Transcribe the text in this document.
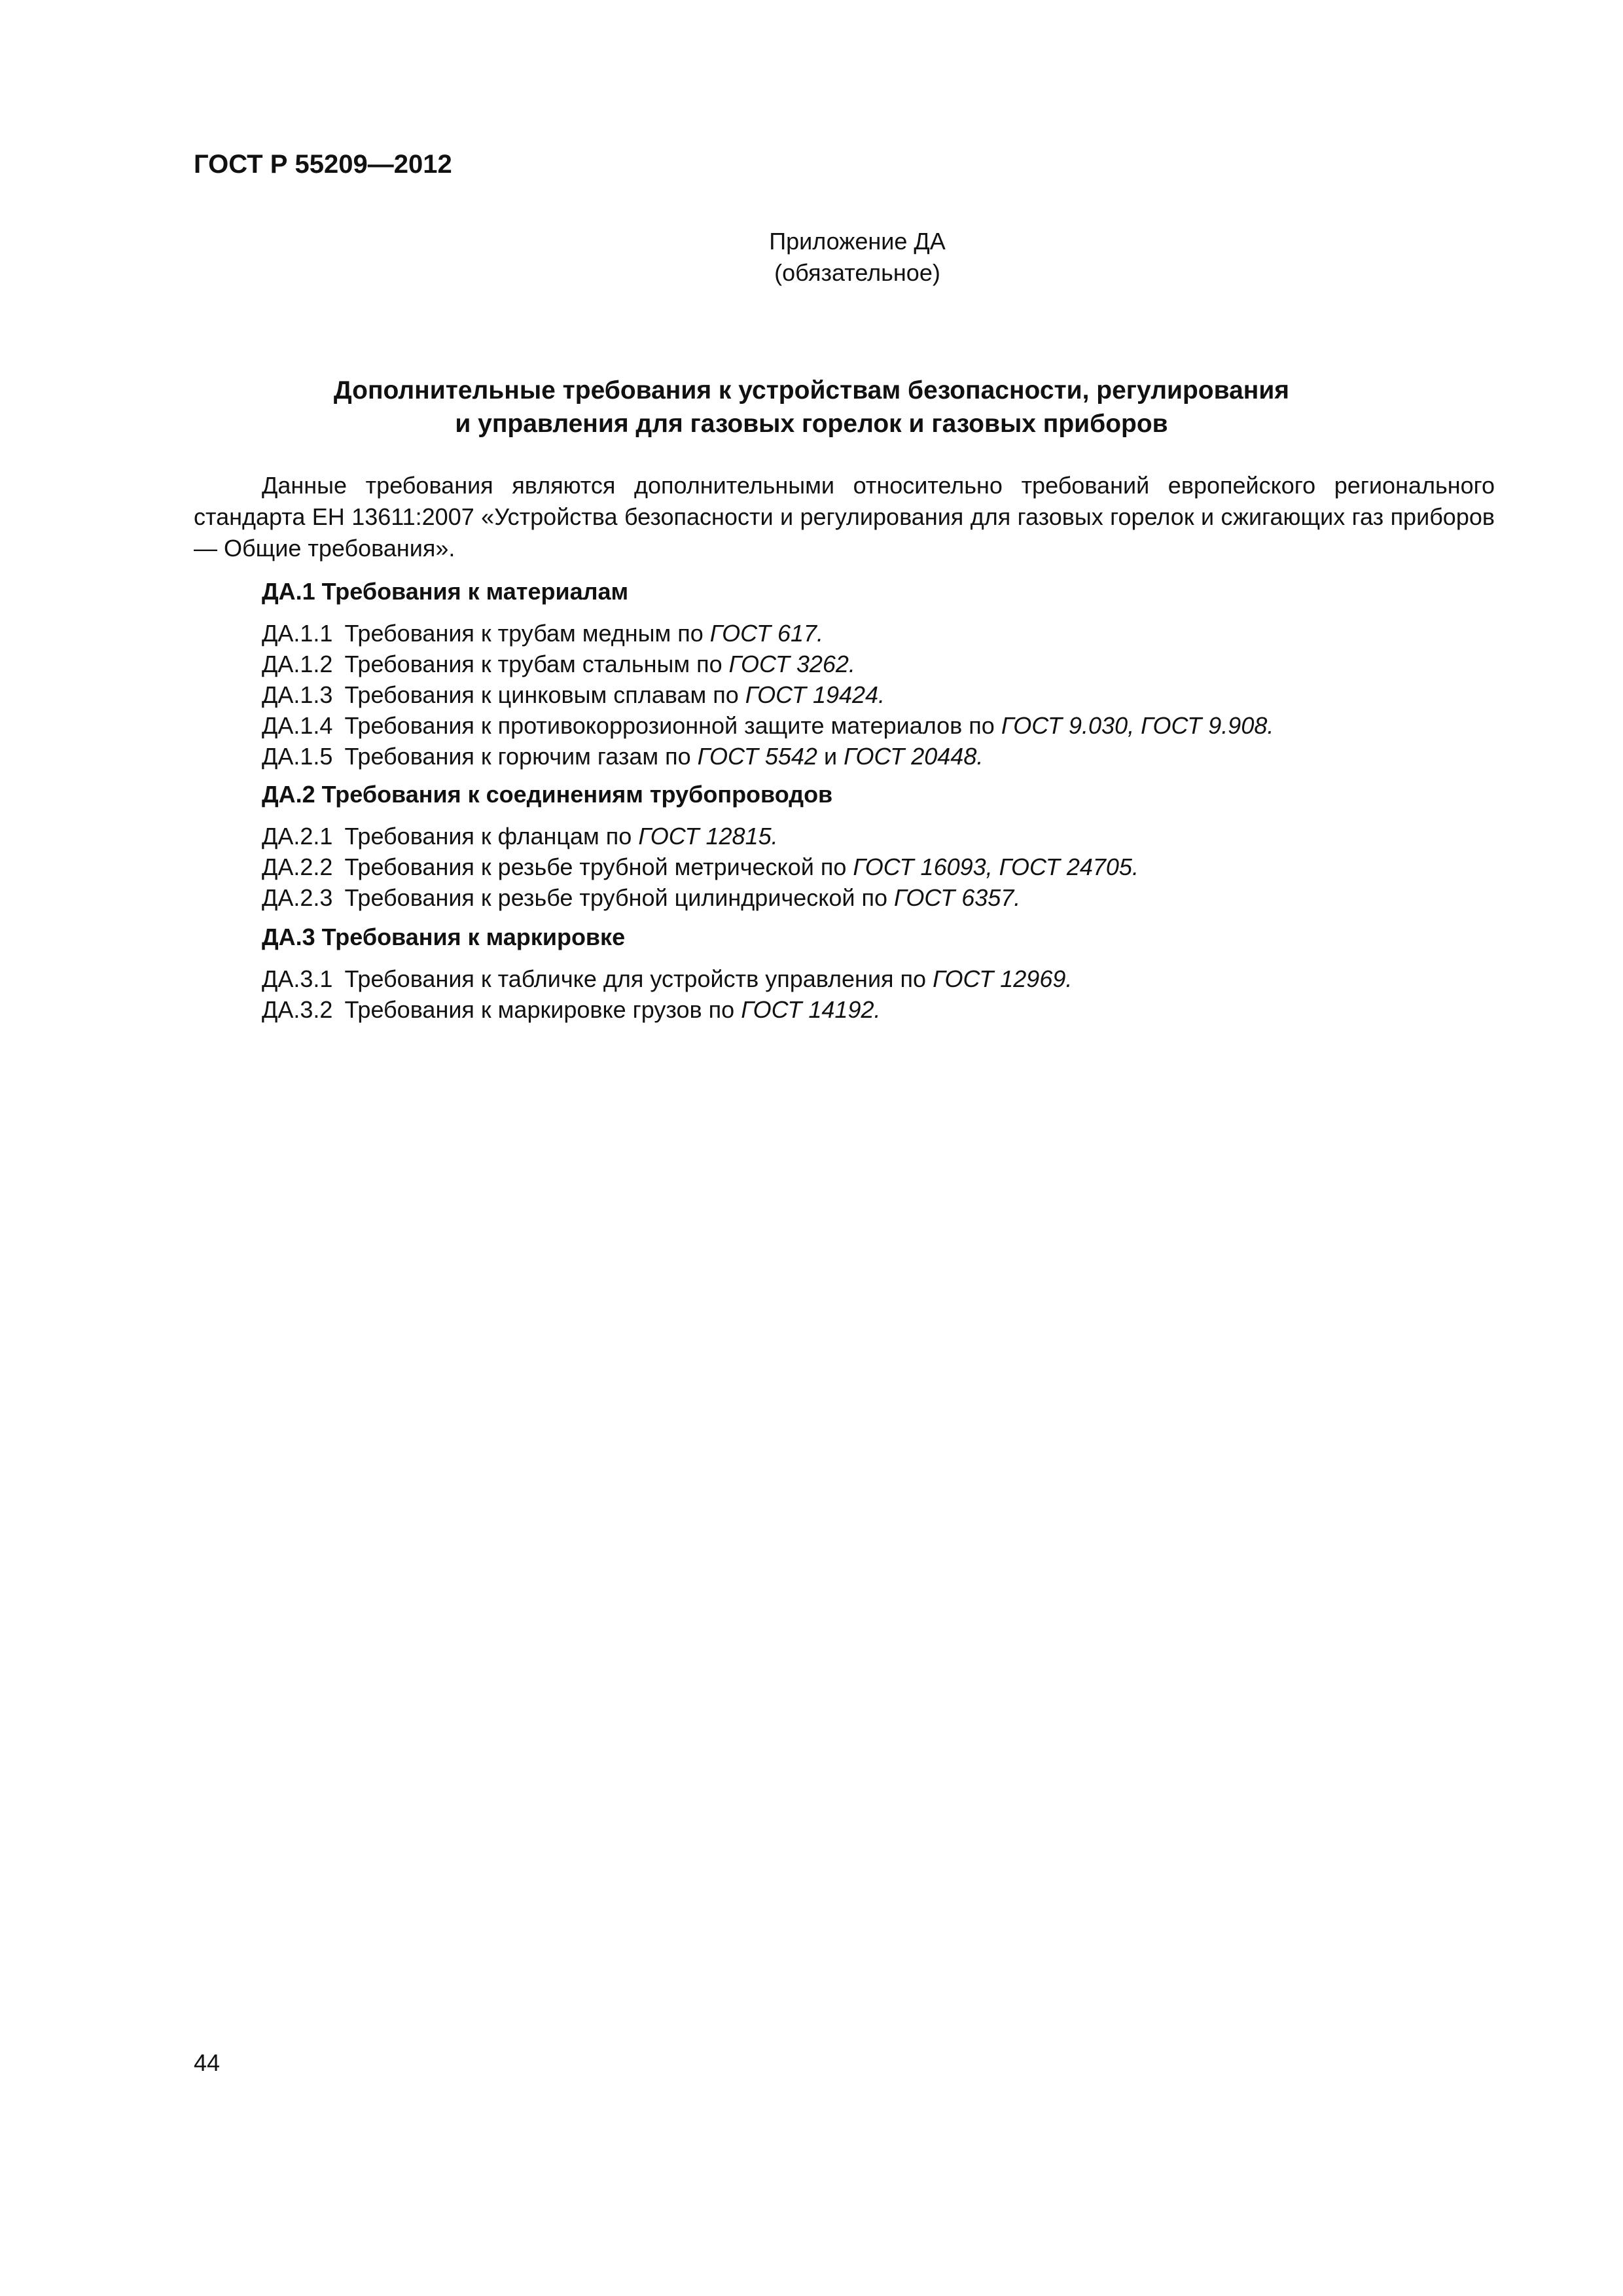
ГОСТ Р 55209—2012
Приложение ДА
(обязательное)
Дополнительные требования к устройствам безопасности, регулирования
и управления для газовых горелок и газовых приборов

Данные требования являются дополнительными относительно требований европейского регионального стандарта ЕН 13611:2007 «Устройства безопасности и регулирования для газовых горелок и сжигающих газ приборов — Общие требования».

ДА.1 Требования к материалам
ДА.1.1 Требования к трубам медным по ГОСТ 617.
ДА.1.2 Требования к трубам стальным по ГОСТ 3262.
ДА.1.3 Требования к цинковым сплавам по ГОСТ 19424.
ДА.1.4 Требования к противокоррозионной защите материалов по ГОСТ 9.030, ГОСТ 9.908.
ДА.1.5 Требования к горючим газам по ГОСТ 5542 и ГОСТ 20448.
ДА.2 Требования к соединениям трубопроводов
ДА.2.1 Требования к фланцам по ГОСТ 12815.
ДА.2.2 Требования к резьбе трубной метрической по ГОСТ 16093, ГОСТ 24705.
ДА.2.3 Требования к резьбе трубной цилиндрической по ГОСТ 6357.
ДА.3 Требования к маркировке
ДА.3.1 Требования к табличке для устройств управления по ГОСТ 12969.
ДА.3.2 Требования к маркировке грузов по ГОСТ 14192.
44
